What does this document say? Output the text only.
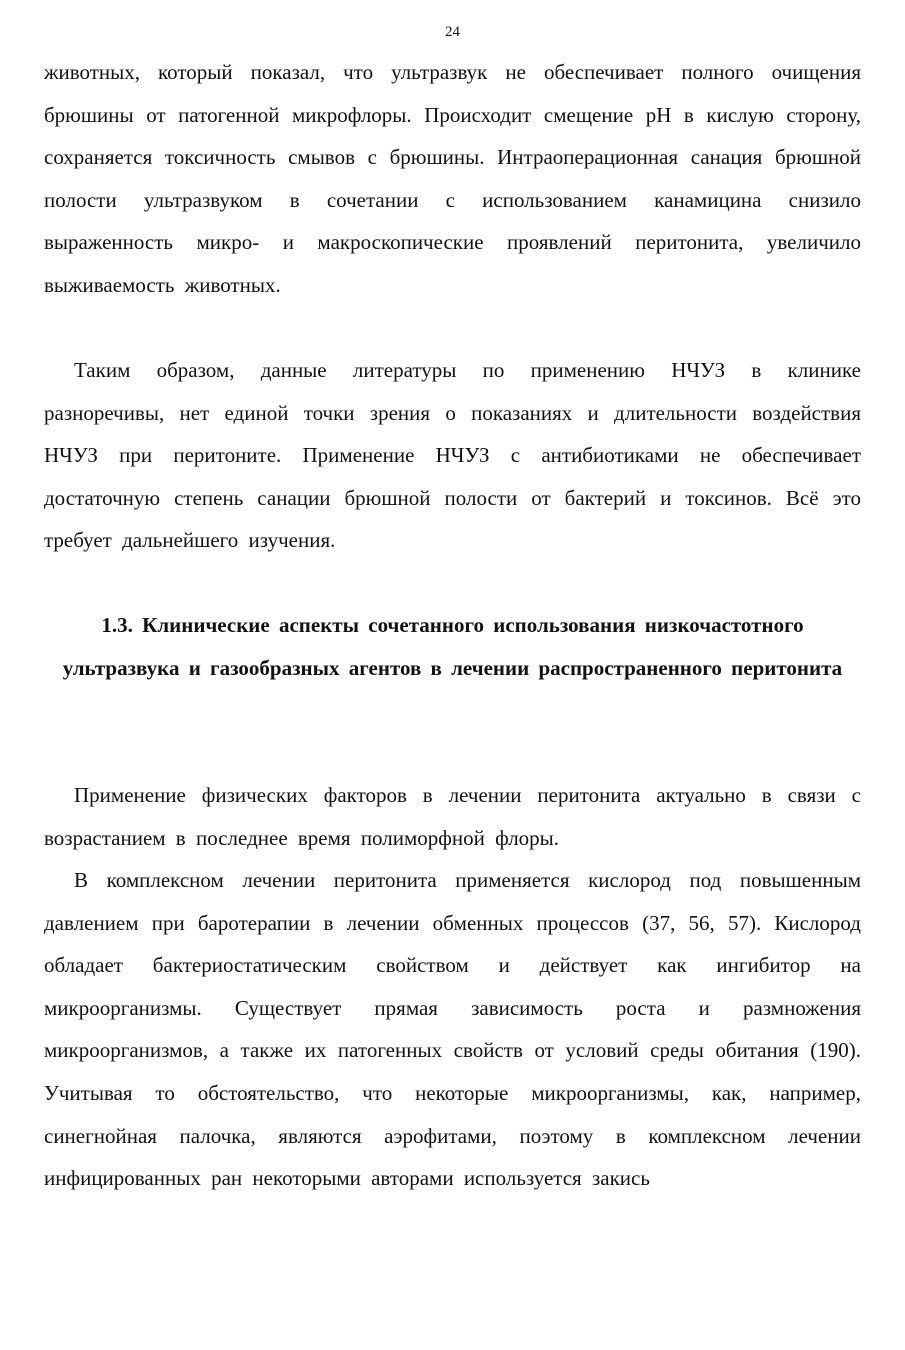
24

животных, который показал, что ультразвук не обеспечивает полного очищения брюшины от патогенной микрофлоры. Происходит смещение рН в кислую сторону, сохраняется токсичность смывов с брюшины. Интраоперационная санация брюшной полости ультразвуком в сочетании с использованием канамицина снизило выраженность микро- и макроскопические проявлений перитонита, увеличило выживаемость животных.

Таким образом, данные литературы по применению НЧУЗ в клинике разноречивы, нет единой точки зрения о показаниях и длительности воздействия НЧУЗ при перитоните. Применение НЧУЗ с антибиотиками не обеспечивает достаточную степень санации брюшной полости от бактерий и токсинов. Всё это требует дальнейшего изучения.

1.3. Клинические аспекты сочетанного использования низкочастотного ультразвука и газообразных агентов в лечении распространенного перитонита

Применение физических факторов в лечении перитонита актуально в связи с возрастанием в последнее время полиморфной флоры.

В комплексном лечении перитонита применяется кислород под повышенным давлением при баротерапии в лечении обменных процессов (37, 56, 57). Кислород обладает бактериостатическим свойством и действует как ингибитор на микроорганизмы. Существует прямая зависимость роста и размножения микроорганизмов, а также их патогенных свойств от условий среды обитания (190). Учитывая то обстоятельство, что некоторые микроорганизмы, как, например, синегнойная палочка, являются аэрофитами, поэтому в комплексном лечении инфицированных ран некоторыми авторами используется закись
